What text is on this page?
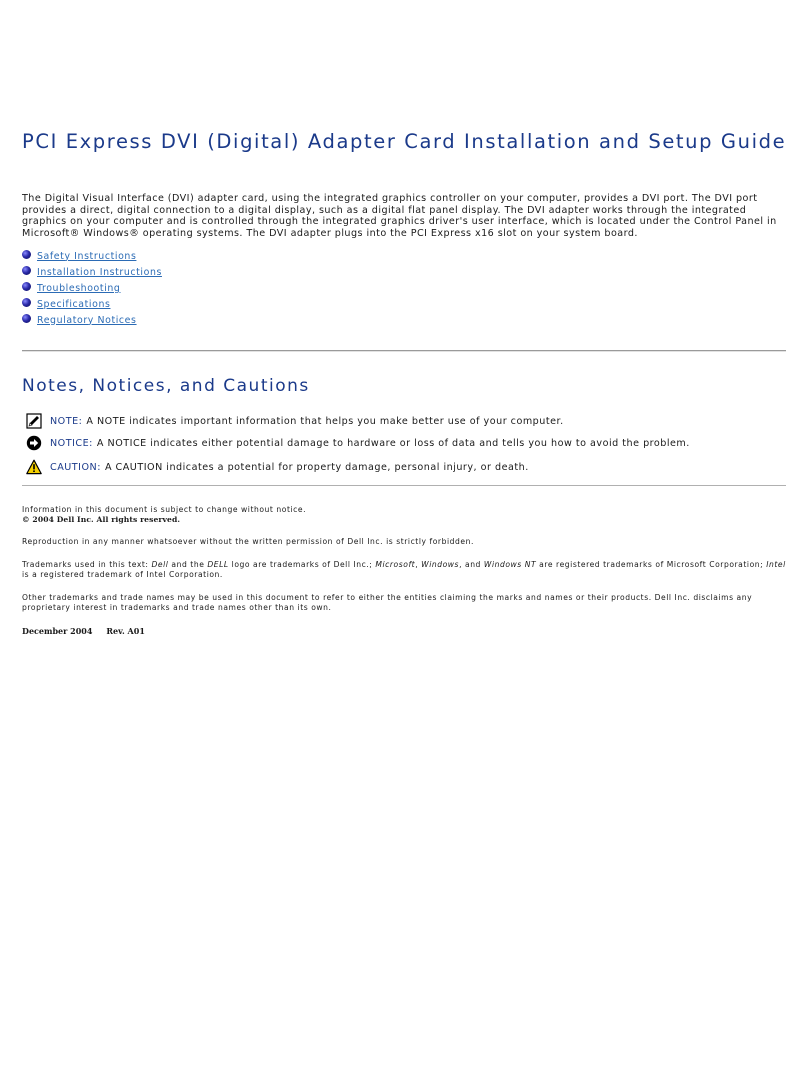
PCI Express DVI (Digital) Adapter Card Installation and Setup Guide

The Digital Visual Interface (DVI) adapter card, using the integrated graphics controller on your computer, provides a DVI port. The DVI port provides a direct, digital connection to a digital display, such as a digital flat panel display. The DVI adapter works through the integrated graphics on your computer and is controlled through the integrated graphics driver's user interface, which is located under the Control Panel in Microsoft® Windows® operating systems. The DVI adapter plugs into the PCI Express x16 slot on your system board.

Safety Instructions
Installation Instructions
Troubleshooting
Specifications
Regulatory Notices
Notes, Notices, and Cautions
NOTE: A NOTE indicates important information that helps you make better use of your computer.
NOTICE: A NOTICE indicates either potential damage to hardware or loss of data and tells you how to avoid the problem.
CAUTION: A CAUTION indicates a potential for property damage, personal injury, or death.

Information in this document is subject to change without notice.
© 2004 Dell Inc. All rights reserved.

Reproduction in any manner whatsoever without the written permission of Dell Inc. is strictly forbidden.

Trademarks used in this text: Dell and the DELL logo are trademarks of Dell Inc.; Microsoft, Windows, and Windows NT are registered trademarks of Microsoft Corporation; Intel is a registered trademark of Intel Corporation.

Other trademarks and trade names may be used in this document to refer to either the entities claiming the marks and names or their products. Dell Inc. disclaims any proprietary interest in trademarks and trade names other than its own.

December 2004 Rev. A01
